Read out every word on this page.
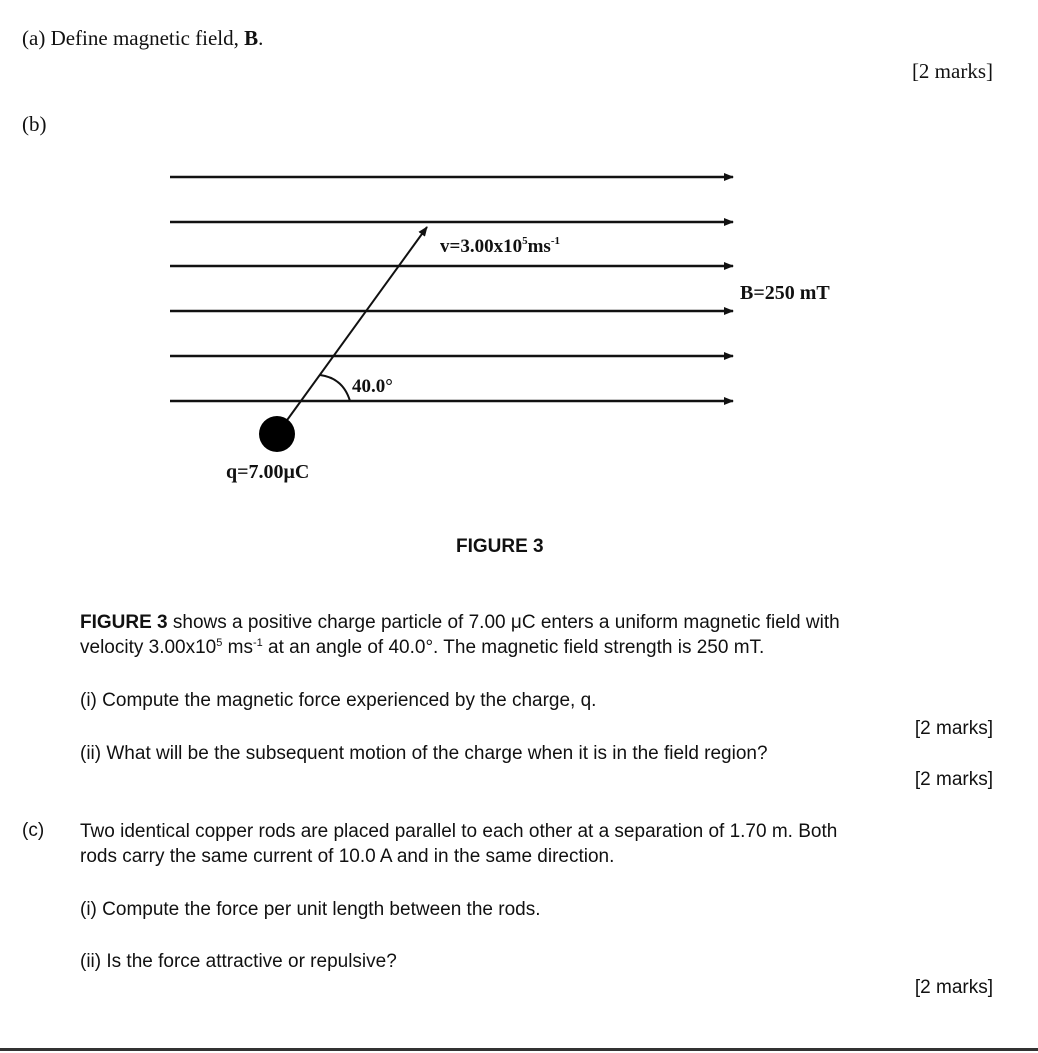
(a) Define magnetic field, B.
[2 marks]
(b)
$v=3.00x10^5ms^{-1}$
B=250 mT
40.0°
q=7.00μC
FIGURE 3
FIGURE 3 shows a positive charge particle of 7.00 μC enters a uniform magnetic field with
velocity $3.00x10^5$ $ms^{-1}$ at an angle of 40.0°. The magnetic field strength is 250 mT.
(i) Compute the magnetic force experienced by the charge, q.
[2 marks]
(ii) What will be the subsequent motion of the charge when it is in the field region?
[2 marks]
(c) Two identical copper rods are placed parallel to each other at a separation of 1.70 m. Both
rods carry the same current of 10.0 A and in the same direction.
(i) Compute the force per unit length between the rods.
(ii) Is the force attractive or repulsive?
[2 marks]
